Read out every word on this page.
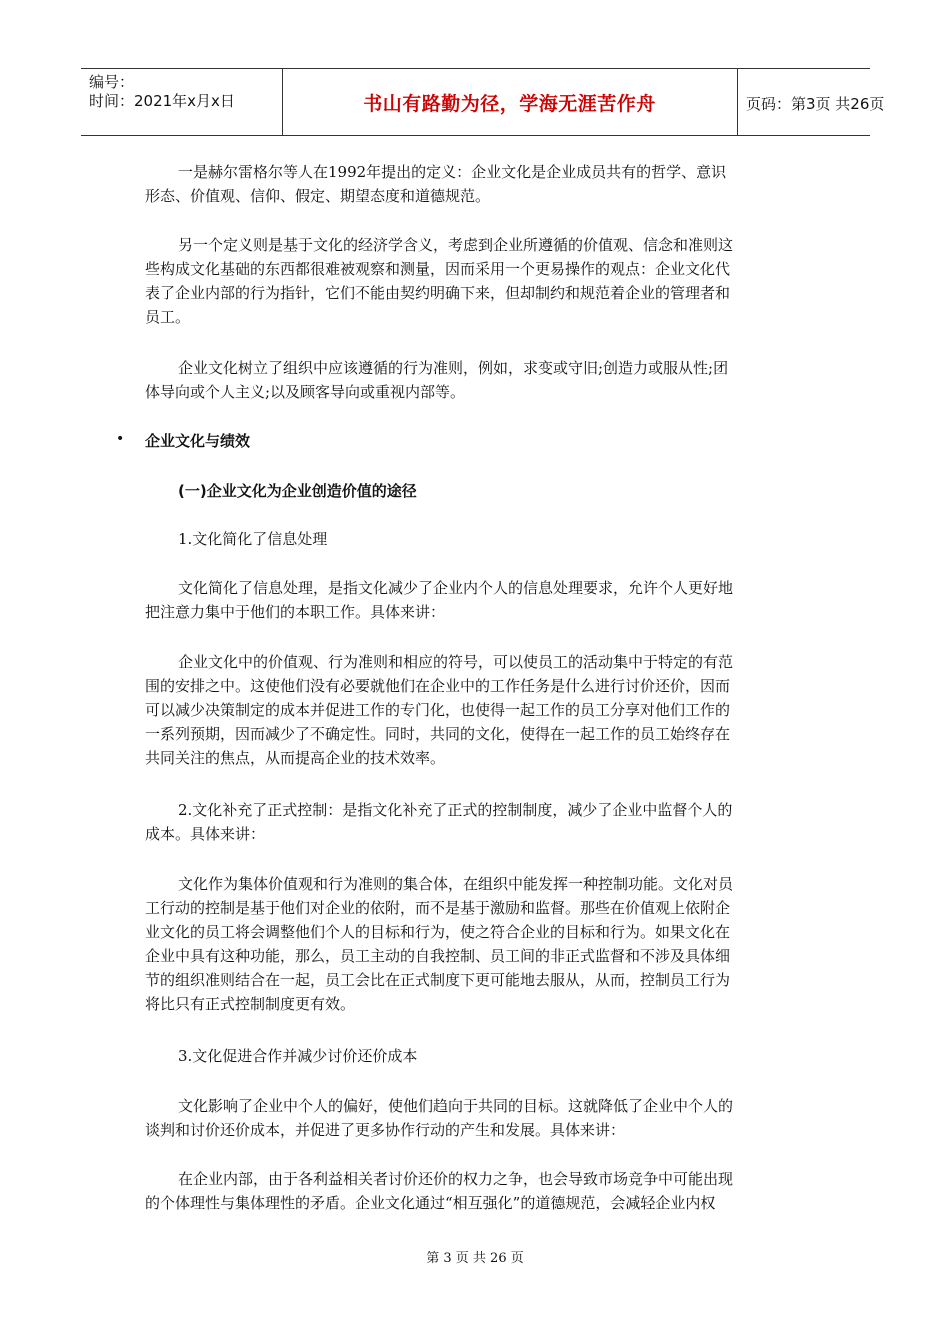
编号：
时间：2021年x月x日	书山有路勤为径，学海无涯苦作舟	页码：第3页 共26页
一是赫尔雷格尔等人在1992年提出的定义：企业文化是企业成员共有的哲学、意识
形态、价值观、信仰、假定、期望态度和道德规范。
另一个定义则是基于文化的经济学含义，考虑到企业所遵循的价值观、信念和准则这
些构成文化基础的东西都很难被观察和测量，因而采用一个更易操作的观点：企业文化代
表了企业内部的行为指针，它们不能由契约明确下来，但却制约和规范着企业的管理者和
员工。
企业文化树立了组织中应该遵循的行为准则，例如，求变或守旧;创造力或服从性;团
体导向或个人主义;以及顾客导向或重视内部等。
• 企业文化与绩效
(一)企业文化为企业创造价值的途径
1.文化简化了信息处理
文化简化了信息处理，是指文化减少了企业内个人的信息处理要求，允许个人更好地
把注意力集中于他们的本职工作。具体来讲：
企业文化中的价值观、行为准则和相应的符号，可以使员工的活动集中于特定的有范
围的安排之中。这使他们没有必要就他们在企业中的工作任务是什么进行讨价还价，因而
可以减少决策制定的成本并促进工作的专门化，也使得一起工作的员工分享对他们工作的
一系列预期，因而减少了不确定性。同时，共同的文化，使得在一起工作的员工始终存在
共同关注的焦点，从而提高企业的技术效率。
2.文化补充了正式控制：是指文化补充了正式的控制制度，减少了企业中监督个人的
成本。具体来讲：
文化作为集体价值观和行为准则的集合体，在组织中能发挥一种控制功能。文化对员
工行动的控制是基于他们对企业的依附，而不是基于激励和监督。那些在价值观上依附企
业文化的员工将会调整他们个人的目标和行为，使之符合企业的目标和行为。如果文化在
企业中具有这种功能，那么，员工主动的自我控制、员工间的非正式监督和不涉及具体细
节的组织准则结合在一起，员工会比在正式制度下更可能地去服从，从而，控制员工行为
将比只有正式控制制度更有效。
3.文化促进合作并减少讨价还价成本
文化影响了企业中个人的偏好，使他们趋向于共同的目标。这就降低了企业中个人的
谈判和讨价还价成本，并促进了更多协作行动的产生和发展。具体来讲：
在企业内部，由于各利益相关者讨价还价的权力之争，也会导致市场竞争中可能出现
的个体理性与集体理性的矛盾。企业文化通过“相互强化”的道德规范，会减轻企业内权
第 3 页 共 26 页
